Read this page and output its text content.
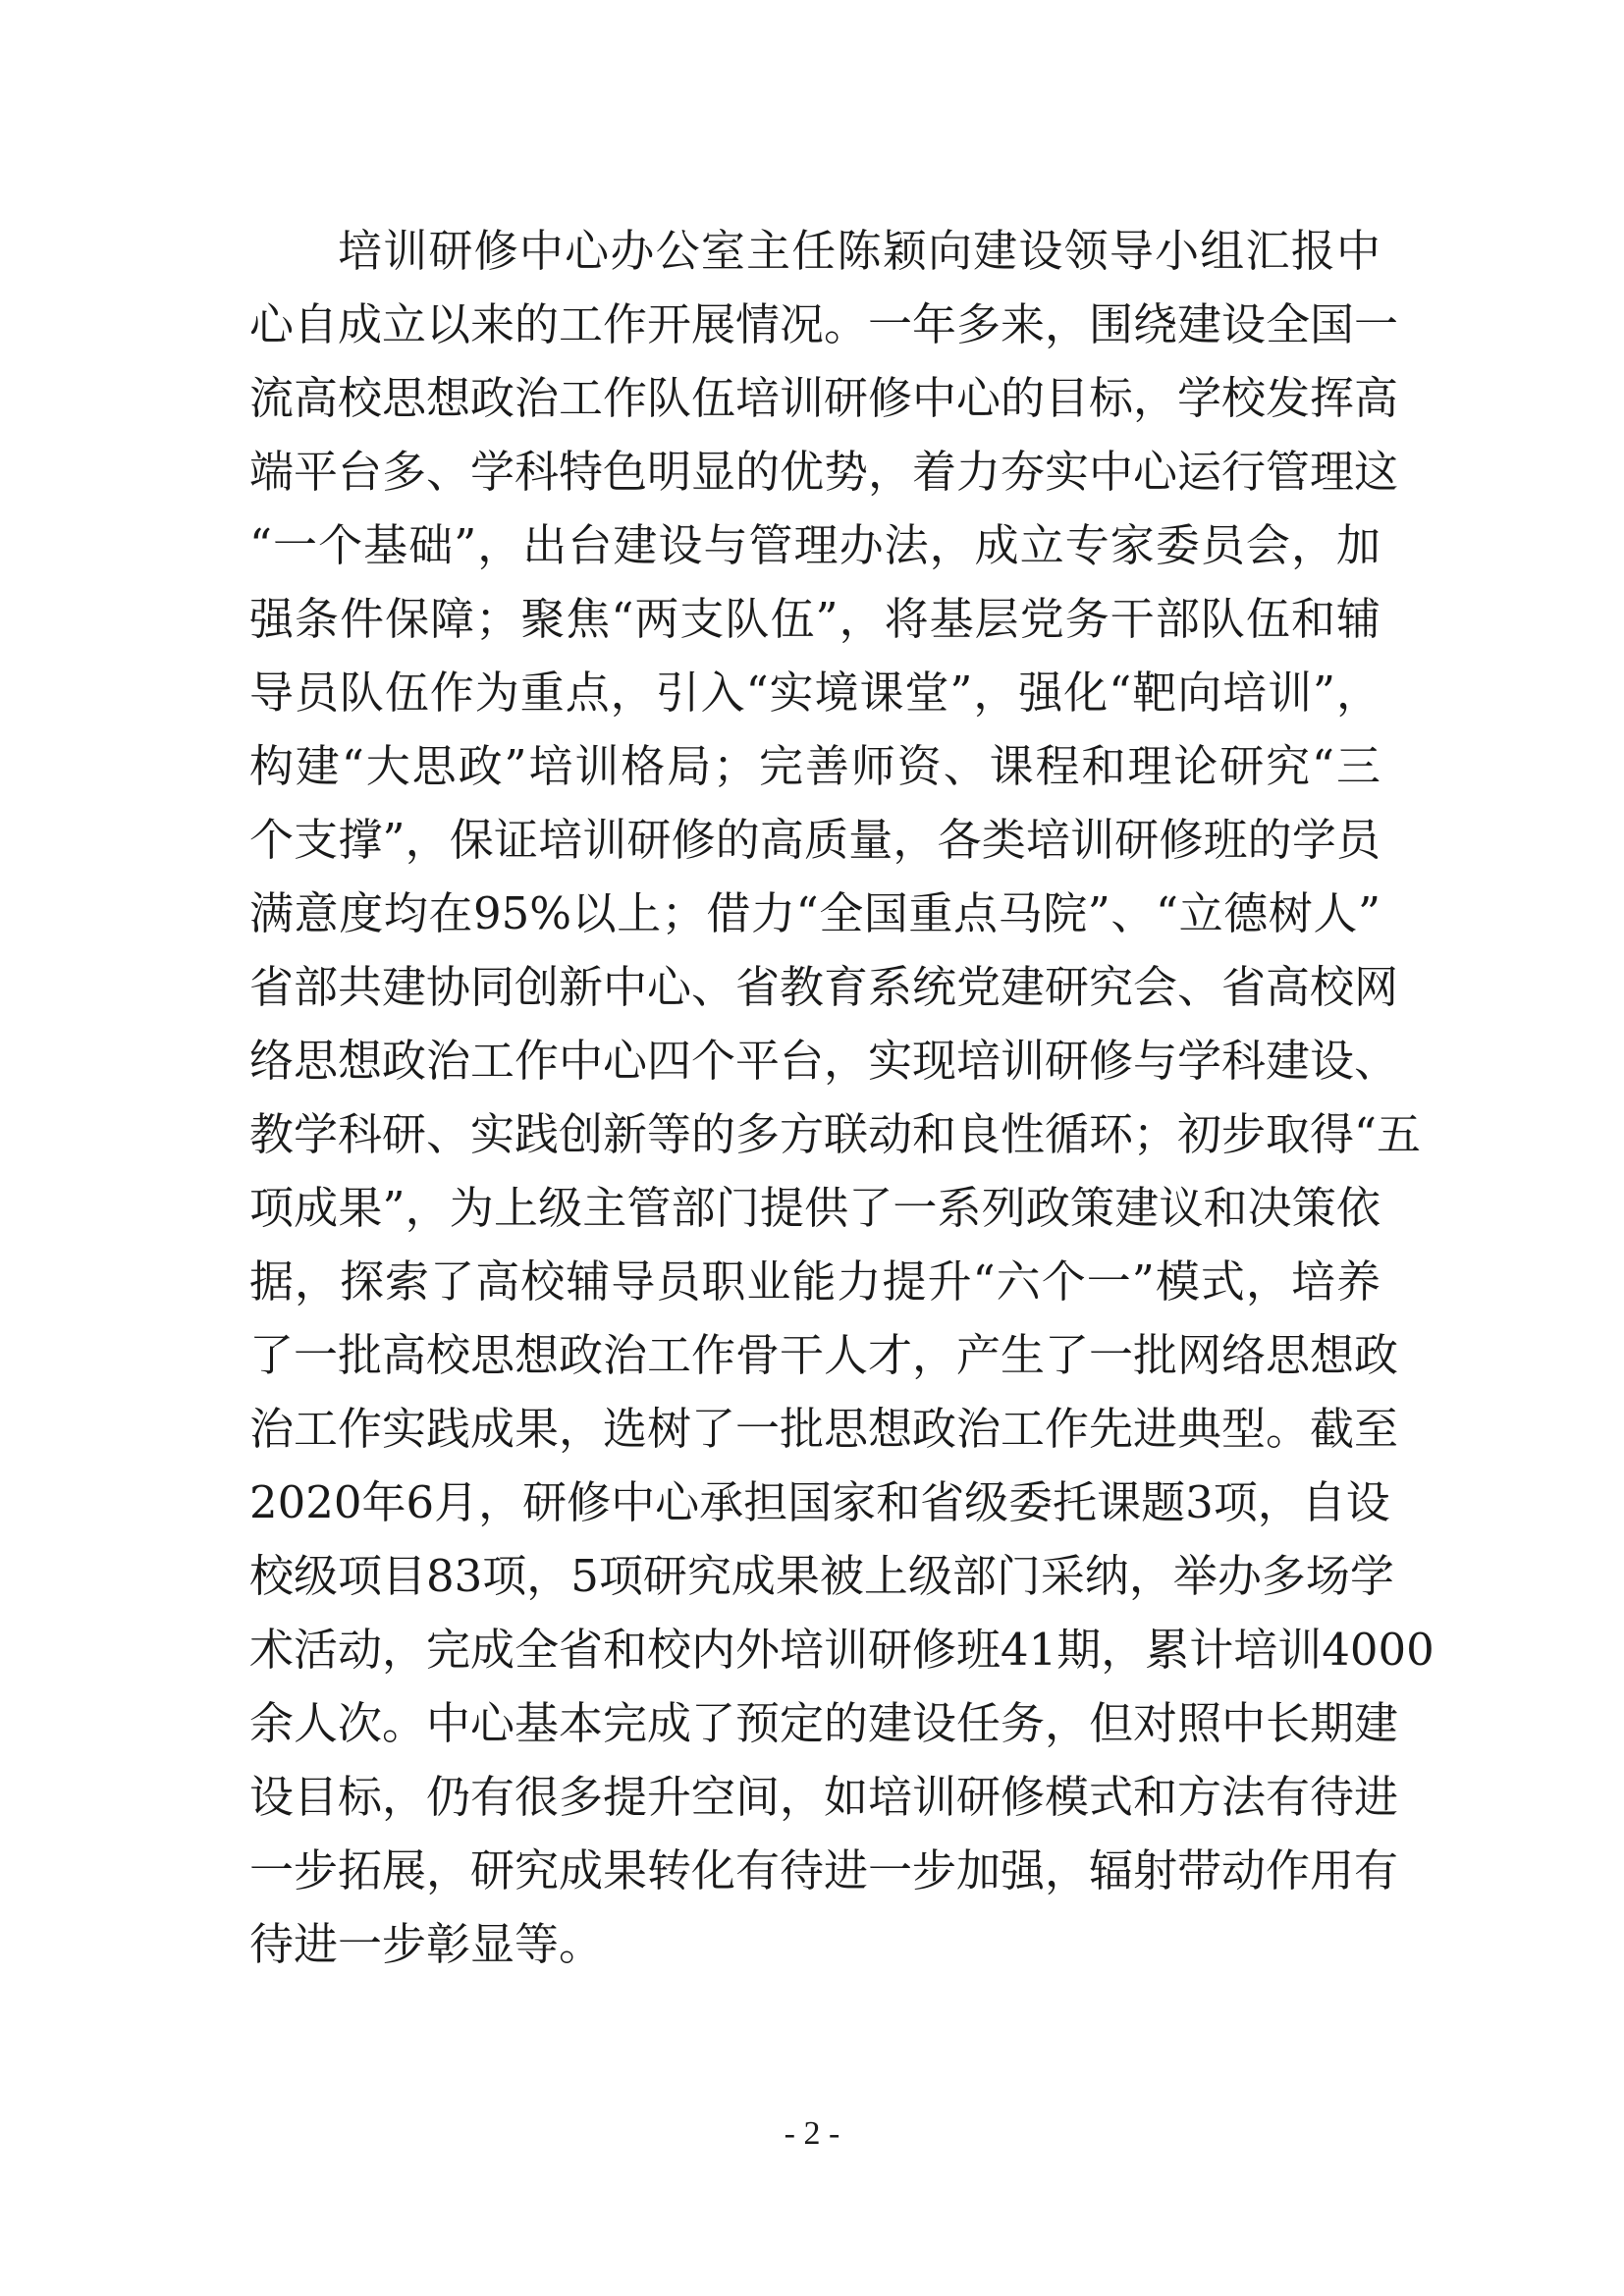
培训研修中心办公室主任陈颖向建设领导小组汇报中
心自成立以来的工作开展情况。一年多来，围绕建设全国一
流高校思想政治工作队伍培训研修中心的目标，学校发挥高
端平台多、学科特色明显的优势，着力夯实中心运行管理这
“一个基础”，出台建设与管理办法，成立专家委员会，加
强条件保障；聚焦“两支队伍”，将基层党务干部队伍和辅
导员队伍作为重点，引入“实境课堂”，强化“靶向培训”，
构建“大思政”培训格局；完善师资、课程和理论研究“三
个支撑”，保证培训研修的高质量，各类培训研修班的学员
满意度均在95%以上；借力“全国重点马院”、“立德树人”
省部共建协同创新中心、省教育系统党建研究会、省高校网
络思想政治工作中心四个平台，实现培训研修与学科建设、
教学科研、实践创新等的多方联动和良性循环；初步取得“五
项成果”，为上级主管部门提供了一系列政策建议和决策依
据，探索了高校辅导员职业能力提升“六个一”模式，培养
了一批高校思想政治工作骨干人才，产生了一批网络思想政
治工作实践成果，选树了一批思想政治工作先进典型。截至
2020年6月，研修中心承担国家和省级委托课题3项，自设
校级项目83项，5项研究成果被上级部门采纳，举办多场学
术活动，完成全省和校内外培训研修班41期，累计培训4000
余人次。中心基本完成了预定的建设任务，但对照中长期建
设目标，仍有很多提升空间，如培训研修模式和方法有待进
一步拓展，研究成果转化有待进一步加强，辐射带动作用有
待进一步彰显等。
- 2 -
